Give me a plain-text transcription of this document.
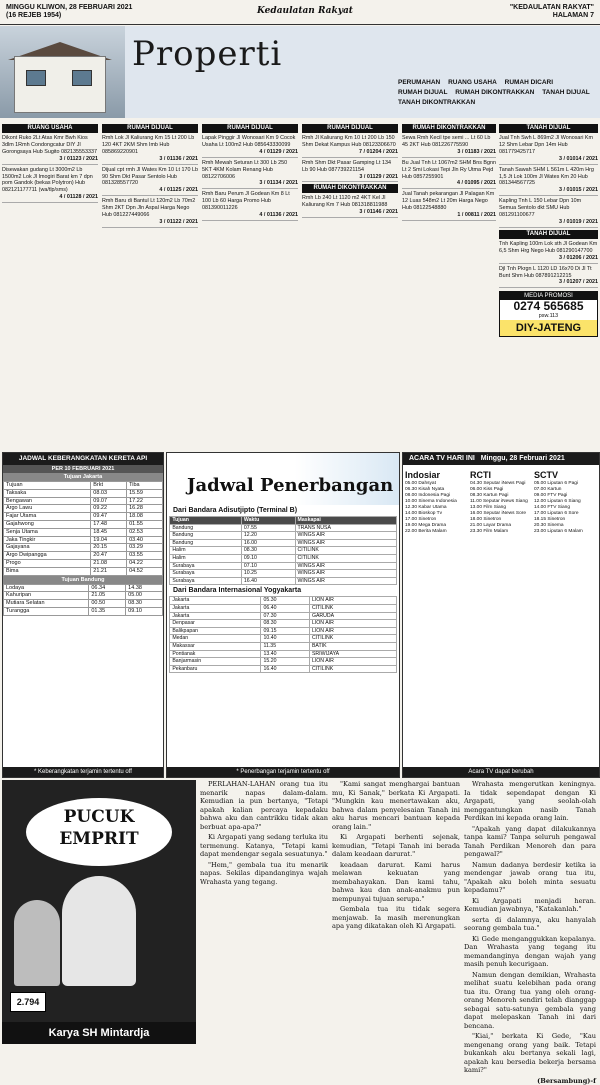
MINGGU KLIWON, 28 FEBRUARI 2021
(16 REJEB 1954)	Kedaulatan Rakyat	"KEDAULATAN RAKYAT"
HALAMAN 7
Properti
PERUMAHAN RUANG USAHA RUMAH DICARI RUMAH DIJUAL RUMAH DIKONTRAKKAN TANAH DIJUAL TANAH DIKONTRAKKAN
RUANG USAHA
Dikont Ruko 2Lt Atas Kmr Bwh Kios 3dlm 1Rmh Condongcatur DIY Jl Gorongsaya Hub Sugito 082135553337
3 / 01123 / 2021
Disewakan gudang Lt 3000m2 Lb 1500m2 Lok Jl Imogiri Barat km 7 dpn pom Gandok (bekas Polytron) Hub 082121177711 (wa/tlp/sms)
4 / 01128 / 2021
RUMAH DIJUAL
Rmh Lok Jl Kaliurang Km 15 Lt 200 Lb 120 4KT 2KM Shm Imb Hub 085869220901
3 / 01136 / 2021
Dijual cpt rmh Jl Wates Km 10 Lt 170 Lb 90 Shm Dkt Pasar Sentolo Hub 081328557720
4 / 01125 / 2021
Rmh Baru di Bantul Lt 120m2 Lb 70m2 Shm 2KT Dpn Jln Aspal Harga Nego Hub 081227449066
3 / 01122 / 2021
RUMAH DIJUAL
Lapak Pinggir Jl Wonosari Km 9 Cocok Usaha Lt 100m2 Hub 085643330099
4 / 01129 / 2021
Rmh Mewah Seturan Lt 300 Lb 250 5KT 4KM Kolam Renang Hub 08122706006
3 / 01134 / 2021
Rmh Baru Perum Jl Godean Km 8 Lt 100 Lb 60 Harga Promo Hub 081390011226
4 / 01136 / 2021
RUMAH DIJUAL
Rmh Jl Kaliurang Km 10 Lt 200 Lb 150 Shm Dekat Kampus Hub 08123306670
7 / 01204 / 2021
Rmh Shm Dkt Pasar Gamping Lt 134 Lb 90 Hub 087739221154
3 / 01129 / 2021
RUMAH DIKONTRAKKAN
Rmh Lb 240 Lt 1120 m2 4KT Kel Jl Kaliurang Km 7 Hub 081318811988
3 / 01146 / 2021
RUMAH DIKONTRAKKAN
Sewa Rmh Kecil tpe semi ... Lt 60 Lb 45 2KT Hub 081226775590
3 / 01183 / 2021
Bu Jual Tnh Lt 1067m2 SHM Bns Bgnn Lt 2 Smi Lokasi Tepi Jln Ry Utma Pejd Hub 0857255901
4 / 01095 / 2021
Jual Tanah pekarangan Jl Palagan Km 12 Luas 548m2 Lt 20m Harga Nego Hub 08122548880
1 / 00811 / 2021
TANAH DIJUAL
Jual Tnh Swh L 869m2 Jl Wonosari Km 12 Shm Lebar Dpn 14m Hub 081779425717
3 / 01014 / 2021
Tanah Sawah SHM L 561m L 420m Hrg 1,5 Jt Lok 100m Jl Wates Km 20 Hub 081344567725
3 / 01015 / 2021
Kapling Tnh L 150 Lebar Dpn 10m Semua Sentolo dkt SMU Hub 081291100677
3 / 01019 / 2021
TANAH DIJUAL
Tnh Kapling 100m Lok sth Jl Godean Km 6,5 Shm Hrg Nego Hub 081290147700
3 / 01206 / 2021
Djl Tnh Pkrgn L 1120 LD 16x70 Di Jl Tt Bunt Shm Hub 087891212215
3 / 01207 / 2021
MEDIA PROMOSI
0274 565685
psw.113
DIY-JATENG
JADWAL KEBERANGKATAN KERETA API
PER 10 FEBRUARI 2021
Tujuan Jakarta
Tujuan	Brkt	Tiba
Taksaka	08.03	15.59
Bengawan	09.07	17.22
Argo Lawu	09.22	16.28
Fajar Utama	09.47	18.08
Gajahwong	17.48	01.55
Senja Utama	18.45	02.53
Jaka Tingkir	19.04	03.40
Gajayana	20.15	03.29
Argo Dwipangga	20.47	03.55
Progo	21.08	04.22
Bima	21.21	04.52
Tujuan Bandung
Lodaya	06.34	14.38
Kahuripan	21.05	05.00
Mutiara Selatan	00.50	08.30
Turangga	01.35	09.10
* Keberangkatan terjamin tertentu off
Jadwal Penerbangan
Dari Bandara Adisutjipto (Terminal B)
Tujuan	Waktu	Maskapai
Bandung	07.55	TRANS NUSA
Bandung	12.20	WINGS AIR
Bandung	16.00	WINGS AIR
Halim	08.30	CITILINK
Halim	09.10	CITILINK
Surabaya	07.10	WINGS AIR
Surabaya	10.25	WINGS AIR
Surabaya	16.40	WINGS AIR
Dari Bandara Internasional Yogyakarta
Jakarta	05.30	LION AIR
Jakarta	06.40	CITILINK
Jakarta	07.30	GARUDA
Denpasar	08.30	LION AIR
Balikpapan	09.15	LION AIR
Medan	10.40	CITILINK
Makassar	11.35	BATIK
Pontianak	13.40	SRIWIJAYA
Banjarmasin	15.20	LION AIR
Pekanbaru	16.40	CITILINK
* Penerbangan terjamin tertentu off
ACARA TV HARI INI Minggu, 28 Februari 2021
Indosiar
05.00 Dahsyat
06.30 Kisah Nyata
08.00 Indonesia Pagi
10.00 Sinema Indonesia
12.30 Kabar Utama
14.00 Bioskop Tv
17.00 Sinetron
19.00 Mega Drama
22.00 Berita Malam
RCTI
04.30 Seputar iNews Pagi
06.00 Kiss Pagi
08.30 Kartun Pagi
11.00 Seputar iNews Siang
13.00 Film Siang
16.00 Seputar iNews Sore
18.00 Sinetron
21.00 Layar Drama
23.30 Film Malam
SCTV
05.00 Liputan 6 Pagi
07.00 Kartun
09.00 FTV Pagi
12.00 Liputan 6 Siang
14.00 FTV Siang
17.00 Liputan 6 Sore
18.15 Sinetron
20.30 Sinema
23.00 Liputan 6 Malam
Acara TV dapat berubah
PUCUK EMPRIT
2.794
Karya SH Mintardja

PERLAHAN-LAHAN orang tua itu menarik napas dalam-dalam. Kemudian ia pun bertanya, "Tetapi apakah kalian percaya kepadaku bahwa aku dan cantrikku tidak akan berbuat apa-apa?"

Ki Argapati yang sedang terluka itu termenung. Katanya, "Tetapi kami dapat mendengar segala sesuatunya."

"Hem," gembala tua itu menarik napas. Sekilas dipandanginya wajah Wrahasta yang tegang.

"Kami sangat menghargai bantuan mu, Ki Sanak," berkata Ki Argapati. "Mungkin kau menertawakan aku, bahwa dalam penyelesaian Tanah ini aku harus mencari bantuan kepada orang lain."

Ki Argapati berhenti sejenak, kemudian, "Tetapi Tanah ini berada dalam keadaan darurat."

keadaan darurat. Kami harus melawan kekuatan yang membahayakan. Dan kami tahu, bahwa kau dan anak-anakmu pun mempunyai tujuan serupa."

Gembala tua itu tidak segera menjawab. Ia masih merenungkan apa yang dikatakan oleh Ki Argapati.

Wrahasta mengerutkan keningnya. Ia tidak sependapat dengan Ki Argapati, yang seolah-olah menggantungkan nasib Tanah Perdikan ini kepada orang lain.

"Apakah yang dapat dilakukannya tanpa kami? Tanpa seluruh pengawal Tanah Perdikan Menoreh dan para pengawal?"

Namun dadanya berdesir ketika ia mendengar jawab orang tua itu, "Apakah aku boleh minta sesuatu kepadamu?"

Ki Argapati menjadi heran. Kemudian jawabnya, "Katakanlah."

serta di dalamnya, aku hanyalah seorang gembala tua."

Ki Gede menganggukkan kepalanya. Dan Wrahasta yang tegang itu memandanginya dengan wajah yang masih penuh kecurigaan.

Namun dengan demikian, Wrahasta melihat suatu kelebihan pada orang tua itu. Orang tua yang oleh orang-orang Menoreh sendiri telah dianggap sebagai satu-satunya gembala yang dapat melepaskan Tanah ini dari bencana.

"Kiai," berkata Ki Gede, "Kau mengenang orang yang baik. Tetapi bukankah aku bertanya sekali lagi, apakah kau bersedia bekerja bersama kami?"

(Bersambung)-f
